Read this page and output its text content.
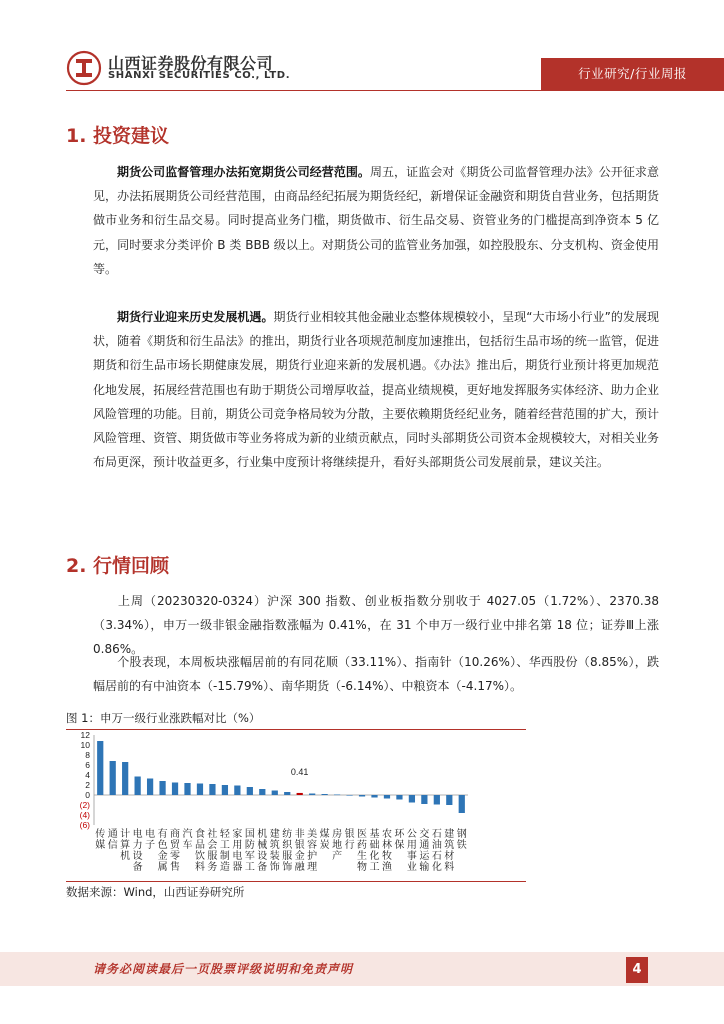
山西证券股份有限公司
SHANXI SECURITIES CO., LTD.	行业研究/行业周报
1. 投资建议
期货公司监督管理办法拓宽期货公司经营范围。周五，证监会对《期货公司监督管理办法》公开征求意见，办法拓展期货公司经营范围，由商品经纪拓展为期货经纪，新增保证金融资和期货自营业务，包括期货做市业务和衍生品交易。同时提高业务门槛，期货做市、衍生品交易、资管业务的门槛提高到净资本 5 亿元，同时要求分类评价 B 类 BBB 级以上。对期货公司的监管业务加强，如控股股东、分支机构、资金使用等。
期货行业迎来历史发展机遇。期货行业相较其他金融业态整体规模较小，呈现“大市场小行业”的发展现状，随着《期货和衍生品法》的推出，期货行业各项规范制度加速推出，包括衍生品市场的统一监管，促进期货和衍生品市场长期健康发展，期货行业迎来新的发展机遇。《办法》推出后，期货行业预计将更加规范化地发展，拓展经营范围也有助于期货公司增厚收益，提高业绩规模，更好地发挥服务实体经济、助力企业风险管理的功能。目前，期货公司竞争格局较为分散，主要依赖期货经纪业务，随着经营范围的扩大，预计风险管理、资管、期货做市等业务将成为新的业绩贡献点，同时头部期货公司资本金规模较大，对相关业务布局更深，预计收益更多，行业集中度预计将继续提升，看好头部期货公司发展前景，建议关注。
2. 行情回顾
上周（20230320-0324）沪深 300 指数、创业板指数分别收于 4027.05（1.72%）、2370.38（3.34%），申万一级非银金融指数涨幅为 0.41%，在 31 个申万一级行业中排名第 18 位；证券Ⅲ上涨 0.86%。
个股表现，本周板块涨幅居前的有同花顺（33.11%）、指南针（10.26%）、华西股份（8.85%），跌幅居前的有中油资本（-15.79%）、南华期货（-6.14%）、中粮资本（-4.17%）。
图 1：申万一级行业涨跌幅对比（%）
12
10
8
6
4
2
0
(2)
(4)
(6)
传
媒
通
信
计
算
机
电
力
设
备
电
子
有
色
金
属
商
贸
零
售
汽
车
食
品
饮
料
社
会
服
务
轻
工
制
造
家
用
电
器
国
防
军
工
机
械
设
备
建
筑
装
饰
纺
织
服
饰
非
银
金
融
美
容
护
理
煤
炭
房
地
产
银
行
医
药
生
物
基
础
化
工
农
林
牧
渔
环
保
公
用
事
业
交
通
运
输
石
油
石
化
建
筑
材
料
钢
铁
0.41
数据来源：Wind，山西证券研究所
请务必阅读最后一页股票评级说明和免责声明	4
